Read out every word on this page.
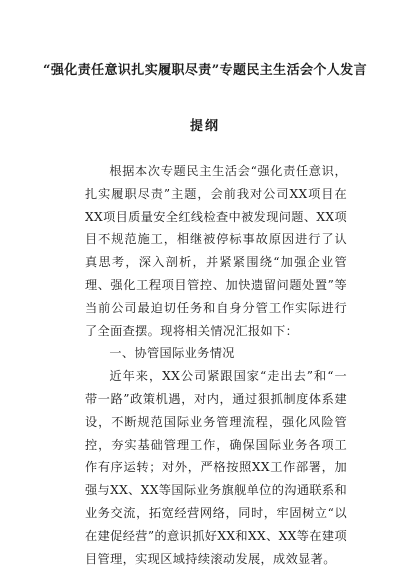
“强化责任意识扎实履职尽责”专题民主生活会个人发言
提纲

根据本次专题民主生活会“强化责任意识，扎实履职尽责”主题，会前我对公司XX项目在XX项目质量安全红线检查中被发现问题、XX项目不规范施工，相继被停标事故原因进行了认真思考，深入剖析，并紧紧围绕“加强企业管理、强化工程项目管控、加快遗留问题处置”等当前公司最迫切任务和自身分管工作实际进行了全面查摆。现将相关情况汇报如下：

一、协管国际业务情况

近年来，XX公司紧跟国家“走出去”和“一带一路”政策机遇，对内，通过狠抓制度体系建设，不断规范国际业务管理流程，强化风险管控，夯实基础管理工作，确保国际业务各项工作有序运转；对外，严格按照XX工作部署，加强与XX、XX等国际业务旗舰单位的沟通联系和业务交流，拓宽经营网络，同时，牢固树立“以在建促经营”的意识抓好XX和XX、XX等在建项目管理，实现区域持续滚动发展，成效显著。
